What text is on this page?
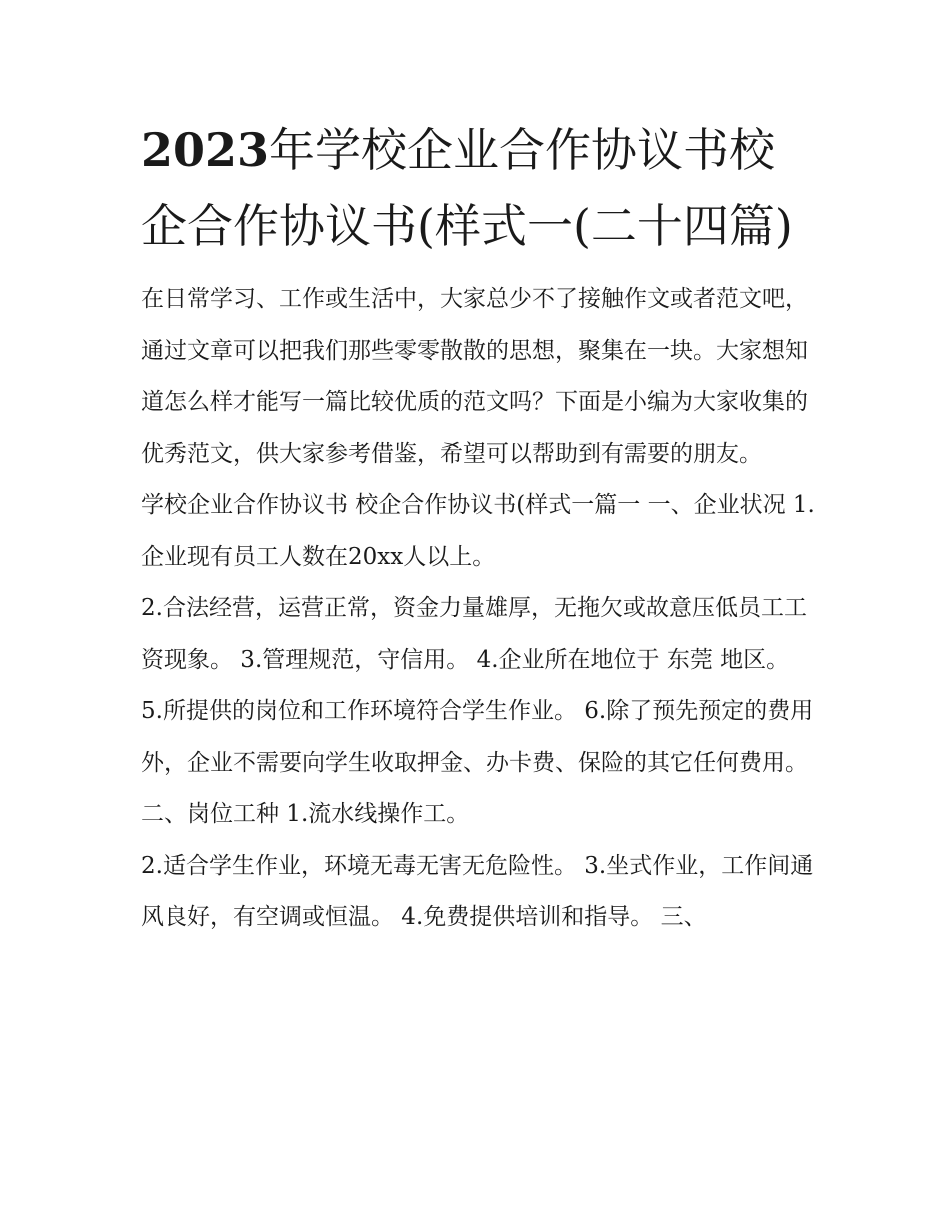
2023年学校企业合作协议书校企合作协议书(样式一(二十四篇)

在日常学习、工作或生活中，大家总少不了接触作文或者范文吧，通过文章可以把我们那些零零散散的思想，聚集在一块。大家想知道怎么样才能写一篇比较优质的范文吗？下面是小编为大家收集的优秀范文，供大家参考借鉴，希望可以帮助到有需要的朋友。

学校企业合作协议书 校企合作协议书(样式一篇一 一、企业状况 1.企业现有员工人数在20xx人以上。

2.合法经营，运营正常，资金力量雄厚，无拖欠或故意压低员工工资现象。 3.管理规范，守信用。 4.企业所在地位于 东莞 地区。

5.所提供的岗位和工作环境符合学生作业。 6.除了预先预定的费用外，企业不需要向学生收取押金、办卡费、保险的其它任何费用。 二、岗位工种 1.流水线操作工。

2.适合学生作业，环境无毒无害无危险性。 3.坐式作业，工作间通风良好，有空调或恒温。 4.免费提供培训和指导。 三、
